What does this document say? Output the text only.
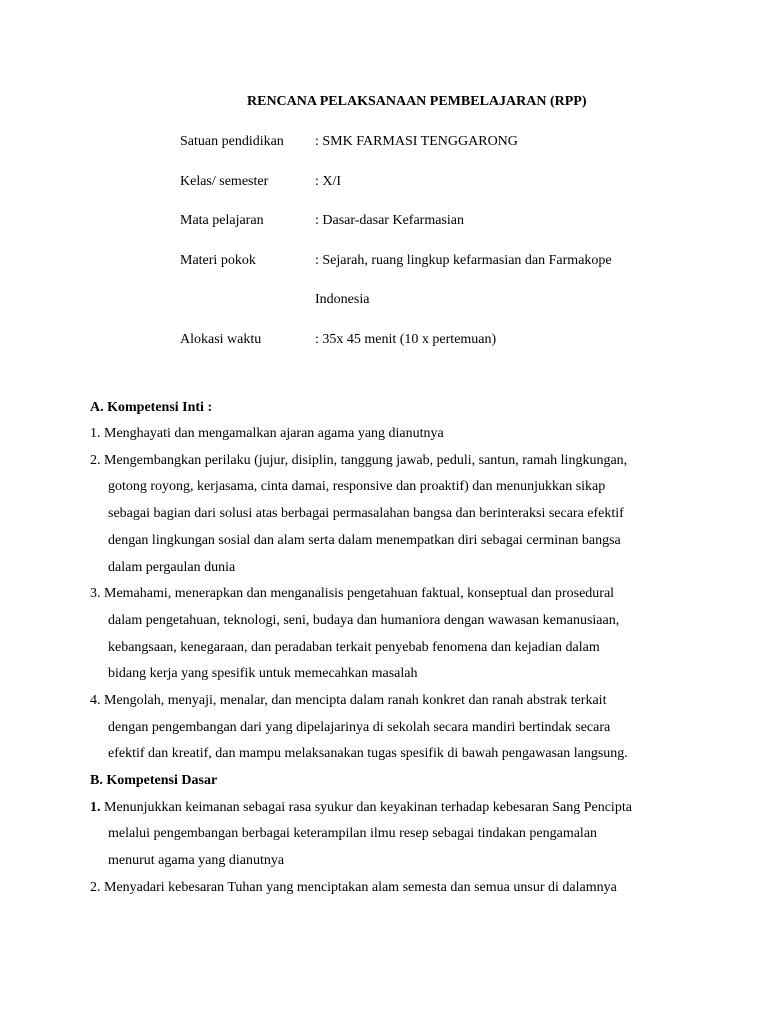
RENCANA PELAKSANAAN PEMBELAJARAN (RPP)
Satuan pendidikan : SMK FARMASI TENGGARONG
Kelas/ semester	: X/I
Mata pelajaran	: Dasar-dasar Kefarmasian
Materi pokok	: Sejarah, ruang lingkup kefarmasian dan Farmakope
Indonesia
Alokasi waktu	: 35x 45 menit (10 x pertemuan)
A. Kompetensi Inti :
1. Menghayati dan mengamalkan ajaran agama yang dianutnya
2. Mengembangkan perilaku (jujur, disiplin, tanggung jawab, peduli, santun, ramah lingkungan,
gotong royong, kerjasama, cinta damai, responsive dan proaktif) dan menunjukkan sikap
sebagai bagian dari solusi atas berbagai permasalahan bangsa dan berinteraksi secara efektif
dengan lingkungan sosial dan alam serta dalam menempatkan diri sebagai cerminan bangsa
dalam pergaulan dunia
3. Memahami, menerapkan dan menganalisis pengetahuan faktual, konseptual dan prosedural
dalam pengetahuan, teknologi, seni, budaya dan humaniora dengan wawasan kemanusiaan,
kebangsaan, kenegaraan, dan peradaban terkait penyebab fenomena dan kejadian dalam
bidang kerja yang spesifik untuk memecahkan masalah
4. Mengolah, menyaji, menalar, dan mencipta dalam ranah konkret dan ranah abstrak terkait
dengan pengembangan dari yang dipelajarinya di sekolah secara mandiri bertindak secara
efektif dan kreatif, dan mampu melaksanakan tugas spesifik di bawah pengawasan langsung.
B. Kompetensi Dasar
1. Menunjukkan keimanan sebagai rasa syukur dan keyakinan terhadap kebesaran Sang Pencipta
melalui pengembangan berbagai keterampilan ilmu resep sebagai tindakan pengamalan
menurut agama yang dianutnya
2. Menyadari kebesaran Tuhan yang menciptakan alam semesta dan semua unsur di dalamnya
